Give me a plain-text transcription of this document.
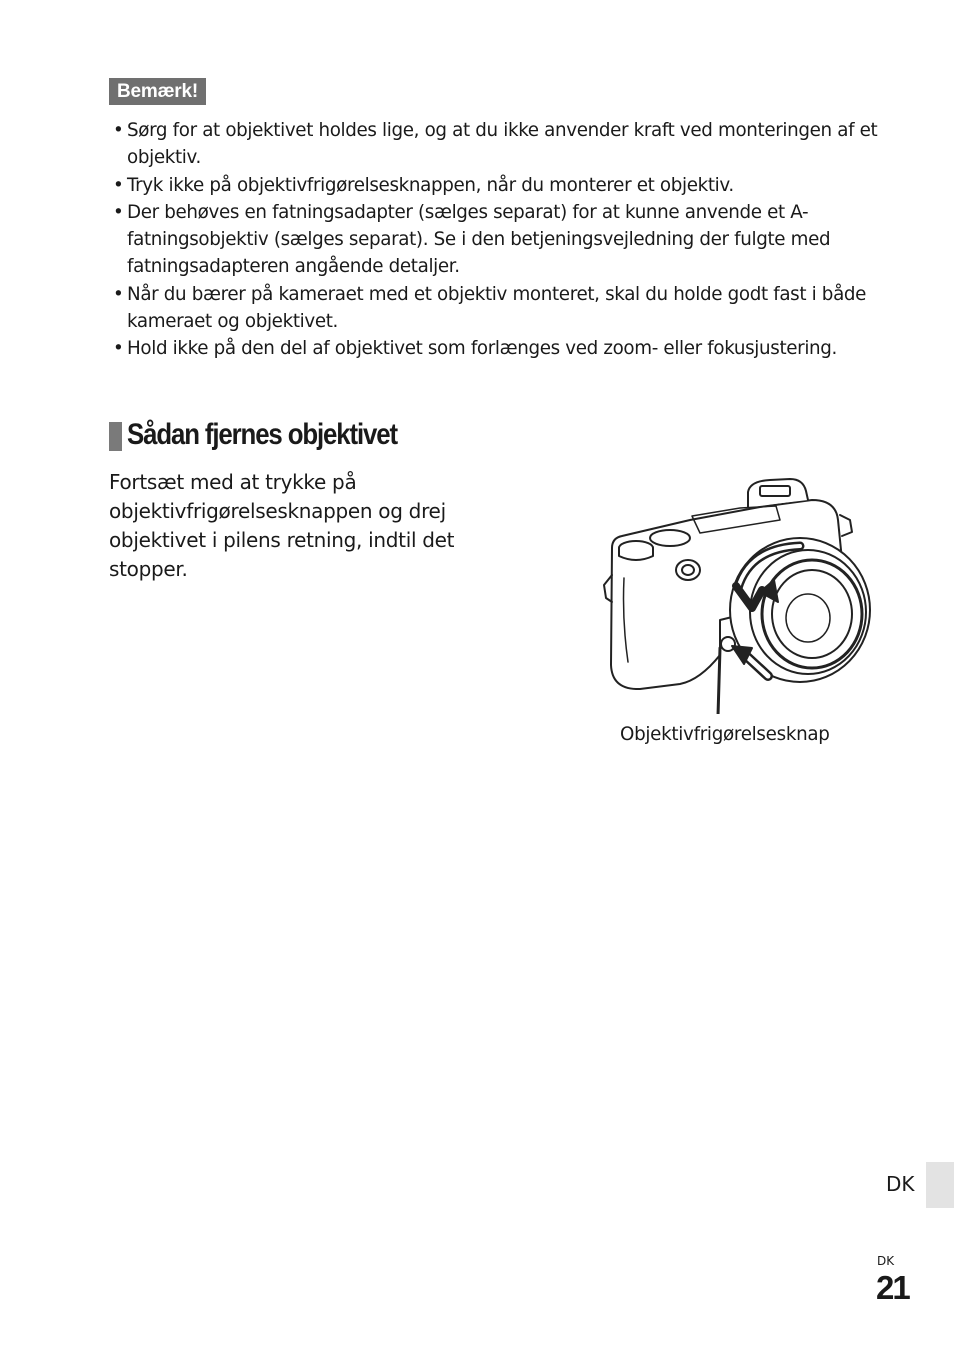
Bemærk!
• Sørg for at objektivet holdes lige, og at du ikke anvender kraft ved monteringen af et objektiv.
• Tryk ikke på objektivfrigørelsesknappen, når du monterer et objektiv.
• Der behøves en fatningsadapter (sælges separat) for at kunne anvende et A-fatningsobjektiv (sælges separat). Se i den betjeningsvejledning der fulgte med fatningsadapteren angående detaljer.
• Når du bærer på kameraet med et objektiv monteret, skal du holde godt fast i både kameraet og objektivet.
• Hold ikke på den del af objektivet som forlænges ved zoom- eller fokusjustering.
Sådan fjernes objektivet

Fortsæt med at trykke på objektivfrigørelsesknappen og drej objektivet i pilens retning, indtil det stopper.

Objektivfrigørelsesknap
DK
DK
21
